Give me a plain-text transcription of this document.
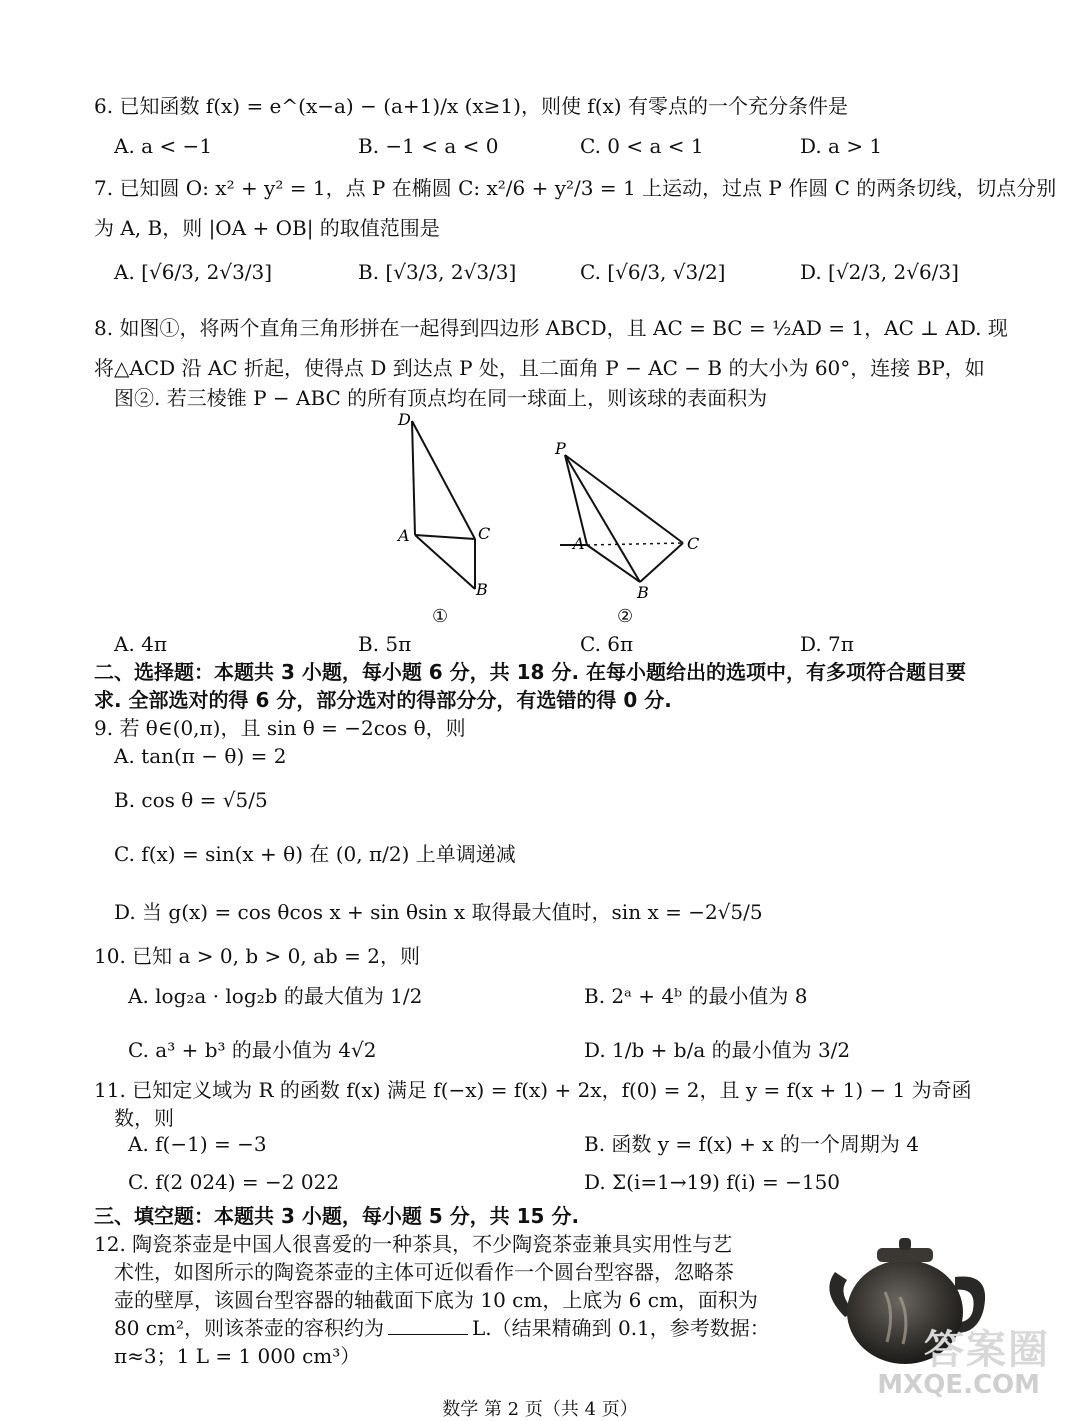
6. 已知函数 f(x) = e^(x−a) − (a+1)/x (x≥1)，则使 f(x) 有零点的一个充分条件是
A. a < −1	B. −1 < a < 0	C. 0 < a < 1	D. a > 1
7. 已知圆 O: x² + y² = 1，点 P 在椭圆 C: x²/6 + y²/3 = 1 上运动，过点 P 作圆 C 的两条切线，切点分别
为 A, B，则 |OA + OB| 的取值范围是
A. [√6/3, 2√3/3]	B. [√3/3, 2√3/3]	C. [√6/3, √3/2]	D. [√2/3, 2√6/3]
8. 如图①，将两个直角三角形拼在一起得到四边形 ABCD，且 AC = BC = ½AD = 1，AC ⊥ AD. 现
将△ACD 沿 AC 折起，使得点 D 到达点 P 处，且二面角 P − AC − B 的大小为 60°，连接 BP，如
图②. 若三棱锥 P − ABC 的所有顶点均在同一球面上，则该球的表面积为
D
A	C
B
①
P
A	C
B
②
A. 4π	B. 5π	C. 6π	D. 7π
二、选择题：本题共 3 小题，每小题 6 分，共 18 分. 在每小题给出的选项中，有多项符合题目要
求. 全部选对的得 6 分，部分选对的得部分分，有选错的得 0 分.
9. 若 θ∈(0,π)，且 sin θ = −2cos θ，则
A. tan(π − θ) = 2
B. cos θ = √5/5
C. f(x) = sin(x + θ) 在 (0, π/2) 上单调递减
D. 当 g(x) = cos θcos x + sin θsin x 取得最大值时，sin x = −2√5/5
10. 已知 a > 0, b > 0, ab = 2，则
A. log₂a · log₂b 的最大值为 1/2	B. 2ᵃ + 4ᵇ 的最小值为 8
C. a³ + b³ 的最小值为 4√2	D. 1/b + b/a 的最小值为 3/2
11. 已知定义域为 R 的函数 f(x) 满足 f(−x) = f(x) + 2x，f(0) = 2，且 y = f(x + 1) − 1 为奇函
数，则
A. f(−1) = −3	B. 函数 y = f(x) + x 的一个周期为 4
C. f(2 024) = −2 022	D. Σ(i=1→19) f(i) = −150
三、填空题：本题共 3 小题，每小题 5 分，共 15 分.
12. 陶瓷茶壶是中国人很喜爱的一种茶具，不少陶瓷茶壶兼具实用性与艺
术性，如图所示的陶瓷茶壶的主体可近似看作一个圆台型容器，忽略茶
壶的壁厚，该圆台型容器的轴截面下底为 10 cm，上底为 6 cm，面积为
80 cm²，则该茶壶的容积约为	L.（结果精确到 0.1，参考数据：
π≈3；1 L = 1 000 cm³）	答案圈
MXQE.COM
数学 第 2 页（共 4 页）
